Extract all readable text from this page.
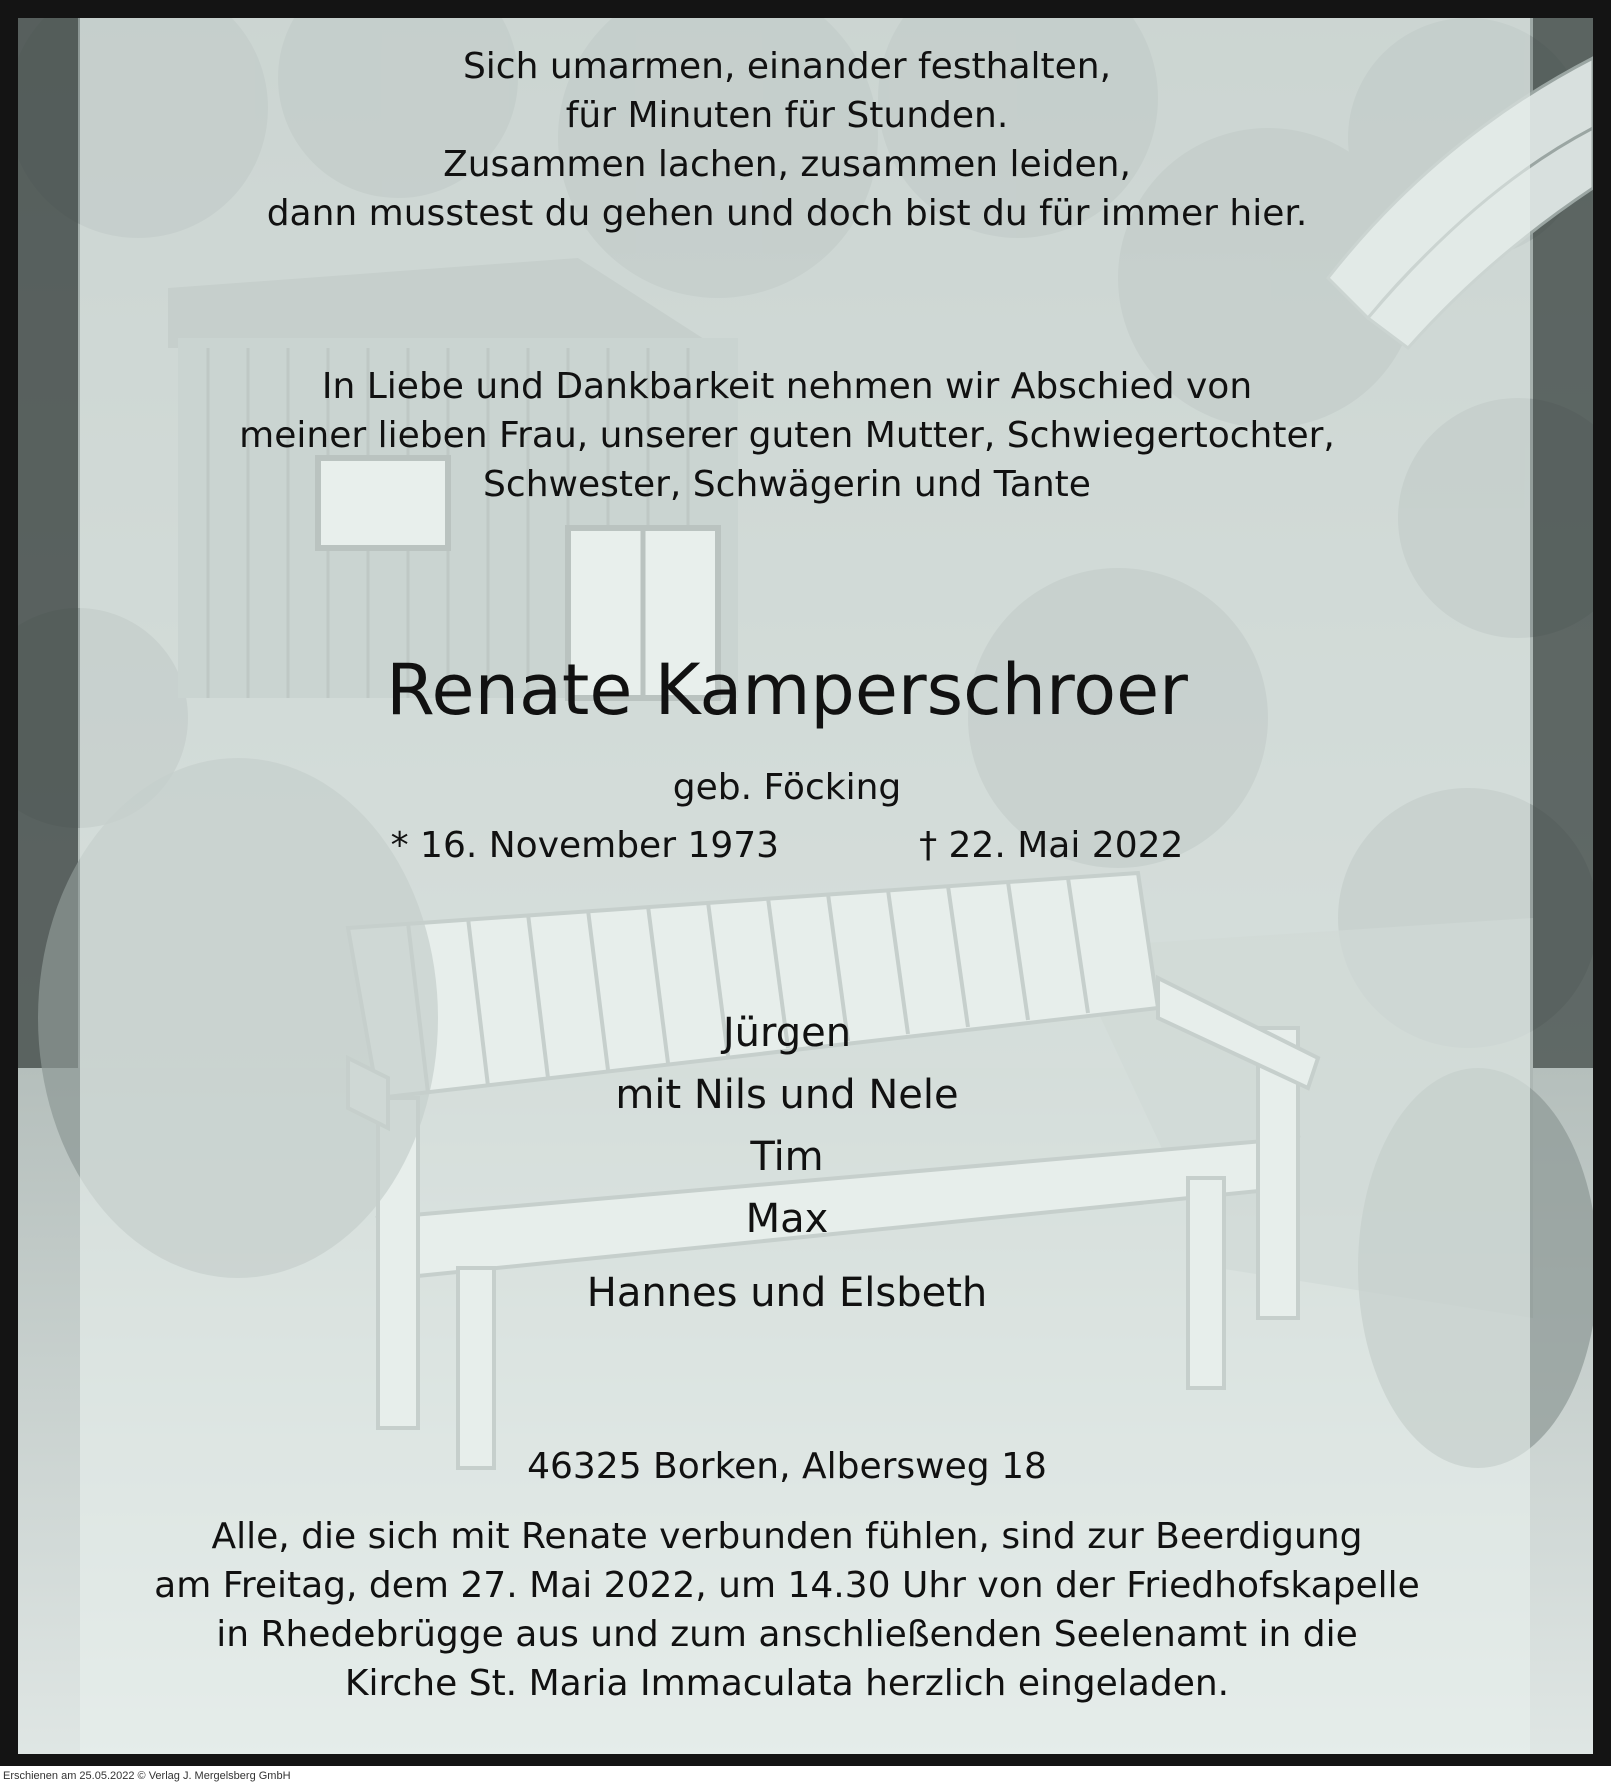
Sich umarmen, einander festhalten,
für Minuten für Stunden.
Zusammen lachen, zusammen leiden,
dann musstest du gehen und doch bist du für immer hier.
In Liebe und Dankbarkeit nehmen wir Abschied von
meiner lieben Frau, unserer guten Mutter, Schwiegertochter,
Schwester, Schwägerin und Tante
Renate Kamperschroer
geb. Föcking
* 16. November 1973	† 22. Mai 2022
Jürgen
mit Nils und Nele
Tim
Max
Hannes und Elsbeth
46325 Borken, Albersweg 18
Alle, die sich mit Renate verbunden fühlen, sind zur Beerdigung
am Freitag, dem 27. Mai 2022, um 14.30 Uhr von der Friedhofskapelle
in Rhedebrügge aus und zum anschließenden Seelenamt in die
Kirche St. Maria Immaculata herzlich eingeladen.
Erschienen am 25.05.2022 © Verlag J. Mergelsberg GmbH
